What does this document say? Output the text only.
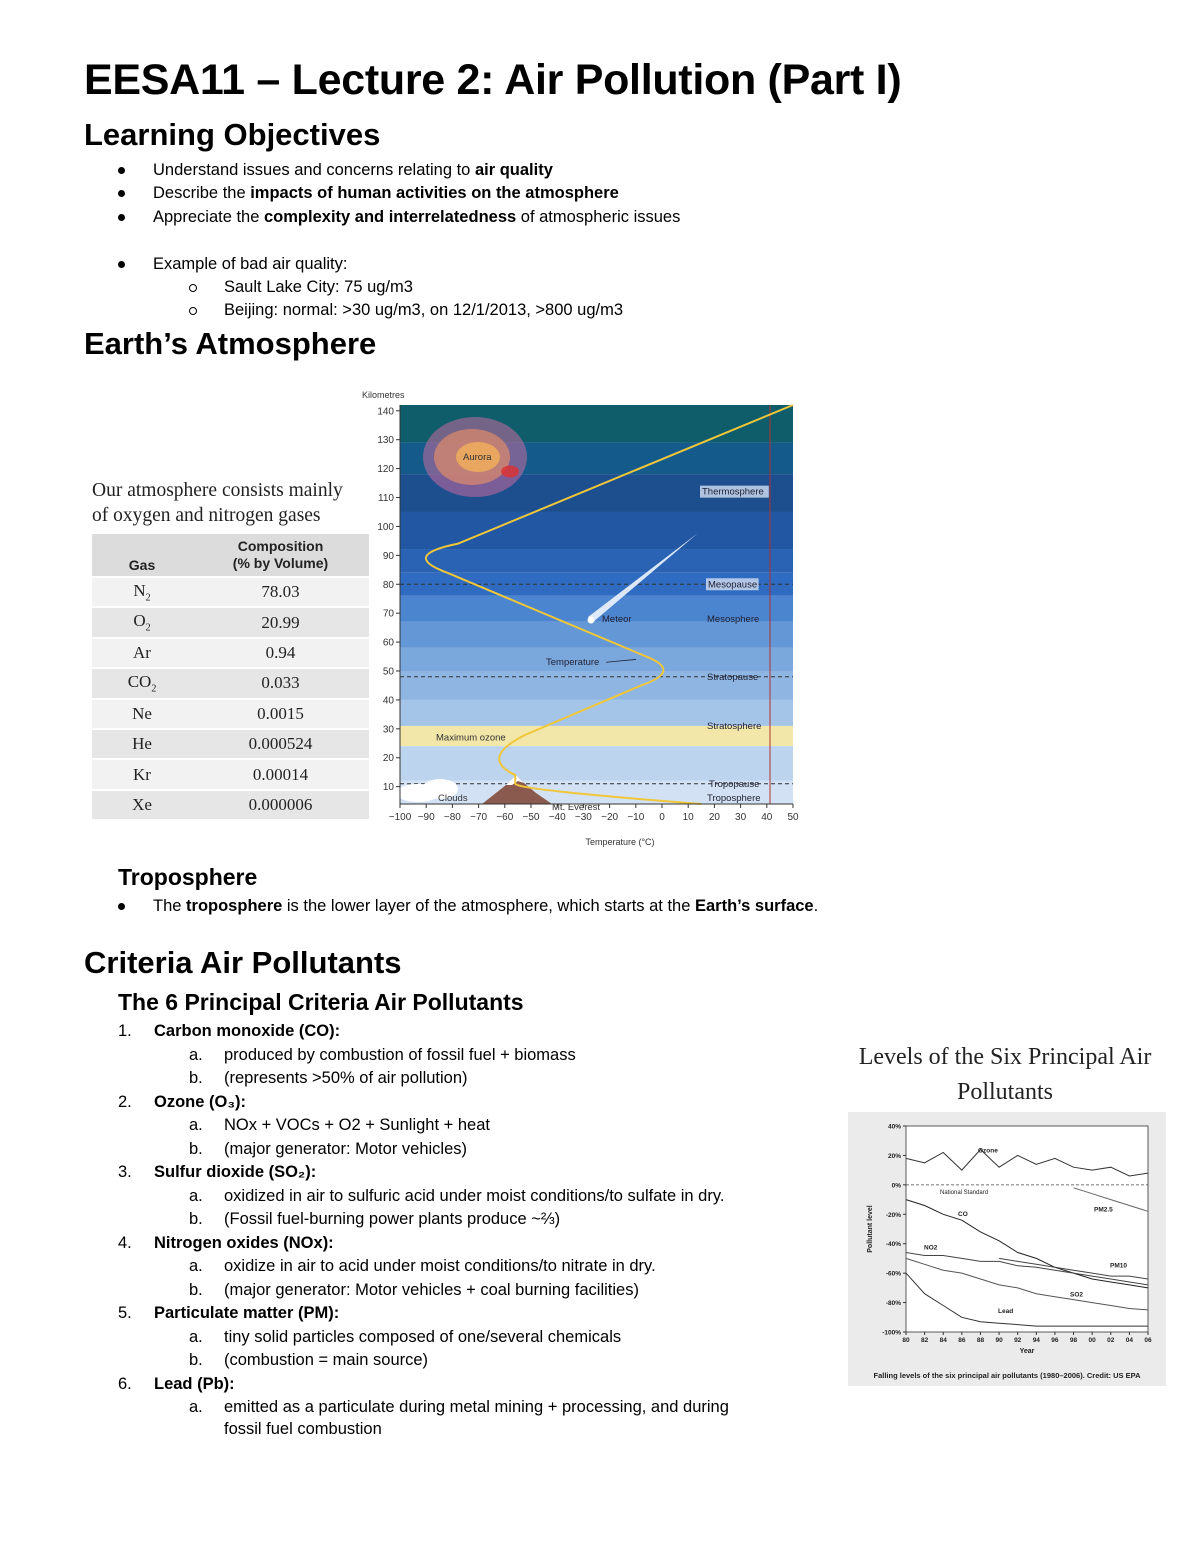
EESA11 – Lecture 2: Air Pollution (Part I)
Learning Objectives
Understand issues and concerns relating to air quality
Describe the impacts of human activities on the atmosphere
Appreciate the complexity and interrelatedness of atmospheric issues
Example of bad air quality:
Sault Lake City: 75 ug/m3
Beijing: normal: >30 ug/m3, on 12/1/2013, >800 ug/m3
Earth’s Atmosphere
Our atmosphere consists mainly
of oxygen and nitrogen gases
Gas	Composition
(% by Volume)

$N_2$	78.03
$O_2$	20.99
Ar	0.94
$CO_2$	0.033
Ne	0.0015
He	0.000524
Kr	0.00014
Xe	0.000006
10
20
30
40
50
60
70
80
90
100
110
120
130
140
−100 −90 −80 −70 −60 −50 −40 −30 −20 −10 0 10 20 30 40 50
Kilometres
Temperature (°C)
Thermosphere
Mesopause
Mesosphere
Stratopause
Stratosphere
Tropopause
Troposphere
Aurora
Meteor
Temperature
Maximum ozone
Clouds
Mt. Everest
Troposphere
The troposphere is the lower layer of the atmosphere, which starts at the Earth’s surface.
Criteria Air Pollutants
The 6 Principal Criteria Air Pollutants
1. Carbon monoxide (CO):
a. produced by combustion of fossil fuel + biomass
b. (represents >50% of air pollution)
2. Ozone (O₃):
a. NOx + VOCs + O2 + Sunlight + heat
b. (major generator: Motor vehicles)
3. Sulfur dioxide (SO₂):
a. oxidized in air to sulfuric acid under moist conditions/to sulfate in dry.
b. (Fossil fuel-burning power plants produce ~⅔)
4. Nitrogen oxides (NOx):
a. oxidize in air to acid under moist conditions/to nitrate in dry.
b. (major generator: Motor vehicles + coal burning facilities)
5. Particulate matter (PM):
a. tiny solid particles composed of one/several chemicals
b. (combustion = main source)
6. Lead (Pb):
a. emitted as a particulate during metal mining + processing, and during
fossil fuel combustion
Levels of the Six Principal Air Pollutants
40%
20%
0%
-20%
-40%
-60%
-80%
-100%
80 82 84 86 88 90 92 94 96 98 00 02 04 06
Year
Pollutant level
National Standard
Ozone
CO
NO2
SO2
Lead
PM2.5
PM10
Falling levels of the six principal air pollutants (1980–2006). Credit: US EPA
